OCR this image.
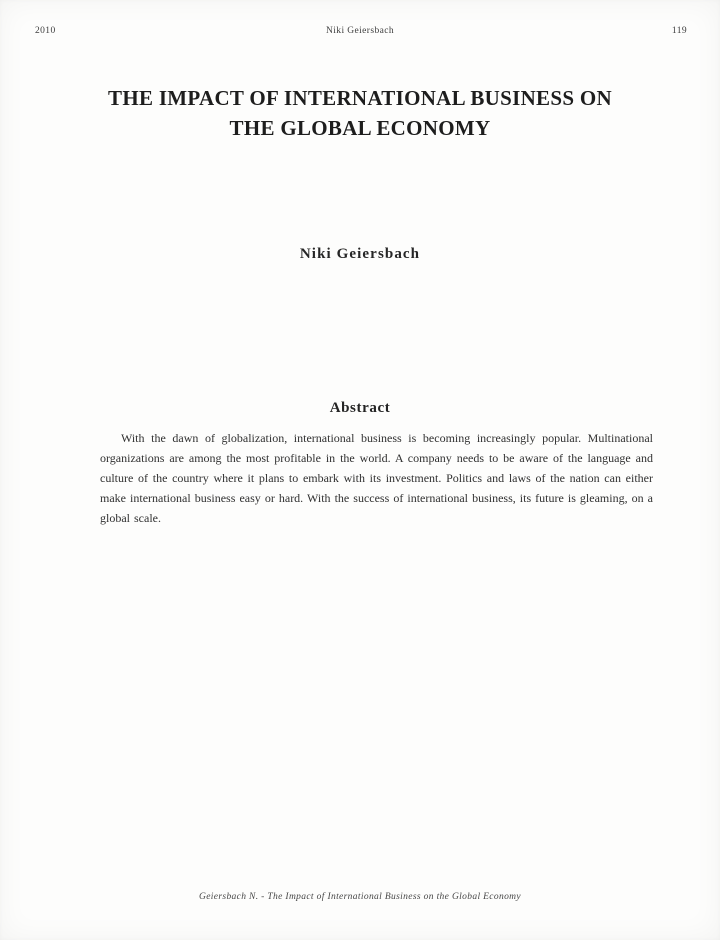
Niki Geiersbach
2010	119
THE IMPACT OF INTERNATIONAL BUSINESS ON
THE GLOBAL ECONOMY
Niki Geiersbach
Abstract

With the dawn of globalization, international business is becoming increasingly popular. Multinational organizations are among the most profitable in the world. A company needs to be aware of the language and culture of the country where it plans to embark with its investment. Politics and laws of the nation can either make international business easy or hard. With the success of international business, its future is gleaming, on a global scale.

Geiersbach N. - The Impact of International Business on the Global Economy
